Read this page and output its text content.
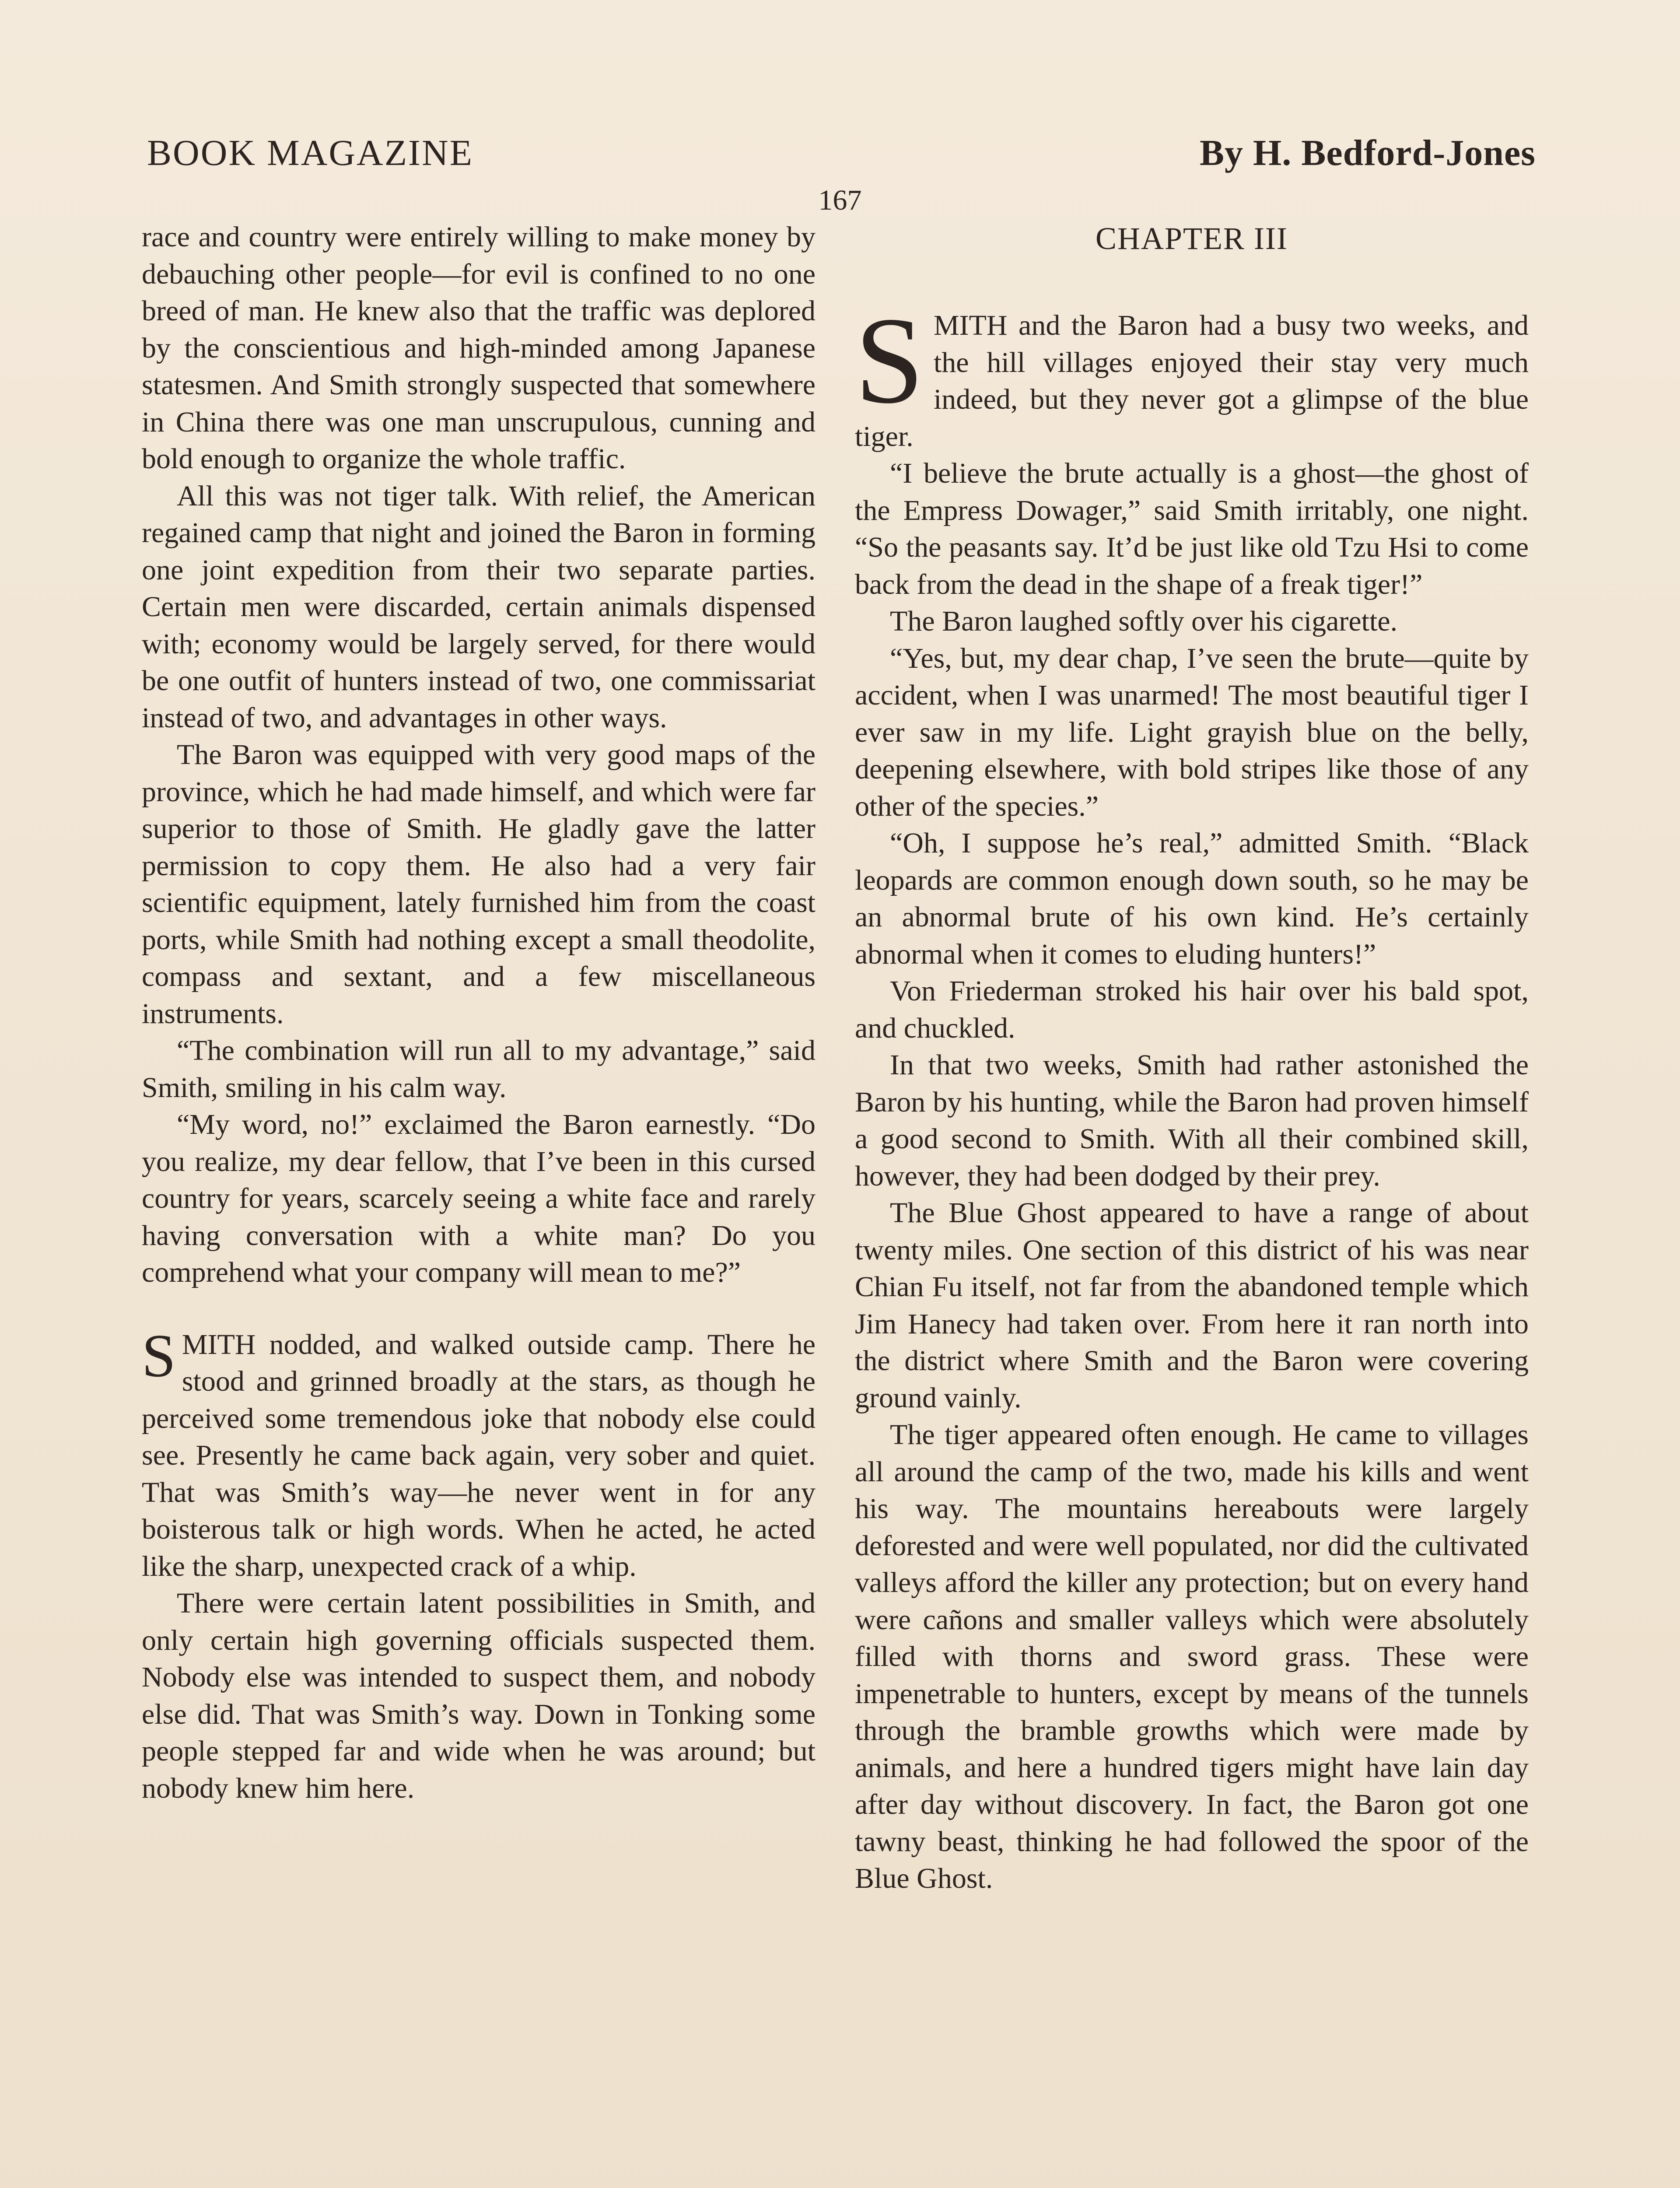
BOOK MAGAZINE	By H. Bedford-Jones
167

race and country were entirely willing to make money by debauching other people—for evil is confined to no one breed of man. He knew also that the traffic was deplored by the conscientious and high-minded among Japanese statesmen. And Smith strongly suspected that somewhere in China there was one man unscrupulous, cunning and bold enough to organize the whole traffic.

All this was not tiger talk. With relief, the American regained camp that night and joined the Baron in forming one joint expedition from their two separate parties. Certain men were discarded, certain animals dispensed with; economy would be largely served, for there would be one outfit of hunters instead of two, one commissariat instead of two, and advantages in other ways.

The Baron was equipped with very good maps of the province, which he had made himself, and which were far superior to those of Smith. He gladly gave the latter permission to copy them. He also had a very fair scientific equipment, lately furnished him from the coast ports, while Smith had nothing except a small theodolite, compass and sextant, and a few miscellaneous instruments.

“The combination will run all to my advantage,” said Smith, smiling in his calm way.

“My word, no!” exclaimed the Baron earnestly. “Do you realize, my dear fellow, that I’ve been in this cursed country for years, scarcely seeing a white face and rarely having conversation with a white man? Do you comprehend what your company will mean to me?”

SMITH nodded, and walked outside camp. There he stood and grinned broadly at the stars, as though he perceived some tremendous joke that nobody else could see. Presently he came back again, very sober and quiet. That was Smith’s way—he never went in for any boisterous talk or high words. When he acted, he acted like the sharp, unexpected crack of a whip.

There were certain latent possibilities in Smith, and only certain high governing officials suspected them. Nobody else was intended to suspect them, and nobody else did. That was Smith’s way. Down in Tonking some people stepped far and wide when he was around; but nobody knew him here.

CHAPTER III

SMITH and the Baron had a busy two weeks, and the hill villages enjoyed their stay very much indeed, but they never got a glimpse of the blue tiger.

“I believe the brute actually is a ghost—the ghost of the Empress Dowager,” said Smith irritably, one night. “So the peasants say. It’d be just like old Tzu Hsi to come back from the dead in the shape of a freak tiger!”

The Baron laughed softly over his cigarette.

“Yes, but, my dear chap, I’ve seen the brute—quite by accident, when I was unarmed! The most beautiful tiger I ever saw in my life. Light grayish blue on the belly, deepening elsewhere, with bold stripes like those of any other of the species.”

“Oh, I suppose he’s real,” admitted Smith. “Black leopards are common enough down south, so he may be an abnormal brute of his own kind. He’s certainly abnormal when it comes to eluding hunters!”

Von Friederman stroked his hair over his bald spot, and chuckled.

In that two weeks, Smith had rather astonished the Baron by his hunting, while the Baron had proven himself a good second to Smith. With all their combined skill, however, they had been dodged by their prey.

The Blue Ghost appeared to have a range of about twenty miles. One section of this district of his was near Chian Fu itself, not far from the abandoned temple which Jim Hanecy had taken over. From here it ran north into the district where Smith and the Baron were covering ground vainly.

The tiger appeared often enough. He came to villages all around the camp of the two, made his kills and went his way. The mountains hereabouts were largely deforested and were well populated, nor did the cultivated valleys afford the killer any protection; but on every hand were cañons and smaller valleys which were absolutely filled with thorns and sword grass. These were impenetrable to hunters, except by means of the tunnels through the bramble growths which were made by animals, and here a hundred tigers might have lain day after day without discovery. In fact, the Baron got one tawny beast, thinking he had followed the spoor of the Blue Ghost.
